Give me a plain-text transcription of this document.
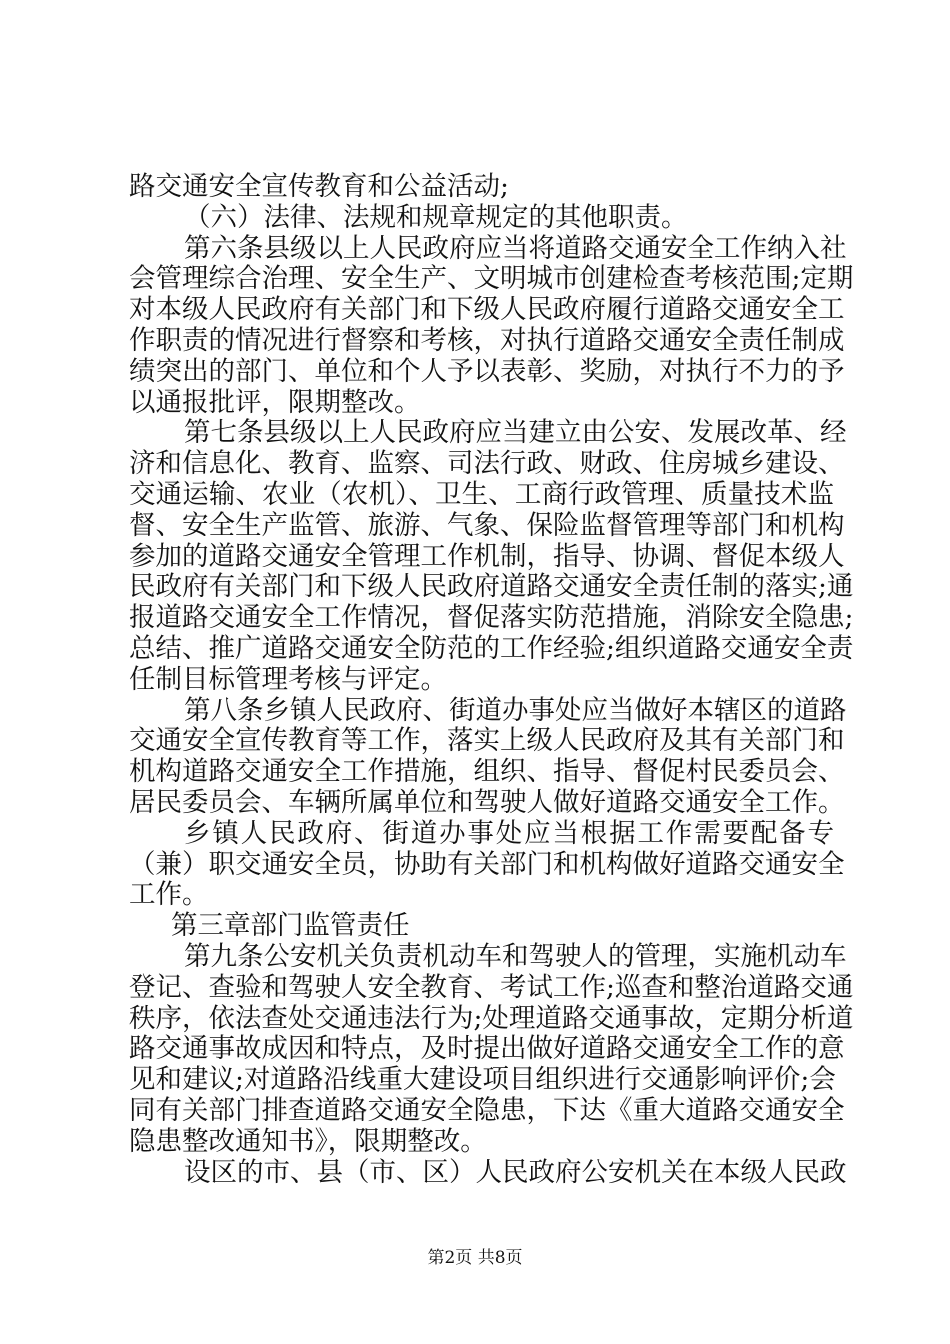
路交通安全宣传教育和公益活动;
（六）法律、法规和规章规定的其他职责。
第六条县级以上人民政府应当将道路交通安全工作纳入社
会管理综合治理、安全生产、文明城市创建检查考核范围;定期
对本级人民政府有关部门和下级人民政府履行道路交通安全工
作职责的情况进行督察和考核，对执行道路交通安全责任制成
绩突出的部门、单位和个人予以表彰、奖励，对执行不力的予
以通报批评，限期整改。
第七条县级以上人民政府应当建立由公安、发展改革、经
济和信息化、教育、监察、司法行政、财政、住房城乡建设、
交通运输、农业（农机）、卫生、工商行政管理、质量技术监
督、安全生产监管、旅游、气象、保险监督管理等部门和机构
参加的道路交通安全管理工作机制，指导、协调、督促本级人
民政府有关部门和下级人民政府道路交通安全责任制的落实;通
报道路交通安全工作情况，督促落实防范措施，消除安全隐患;
总结、推广道路交通安全防范的工作经验;组织道路交通安全责
任制目标管理考核与评定。
第八条乡镇人民政府、街道办事处应当做好本辖区的道路
交通安全宣传教育等工作，落实上级人民政府及其有关部门和
机构道路交通安全工作措施，组织、指导、督促村民委员会、
居民委员会、车辆所属单位和驾驶人做好道路交通安全工作。
乡镇人民政府、街道办事处应当根据工作需要配备专
（兼）职交通安全员，协助有关部门和机构做好道路交通安全
工作。
第三章部门监管责任
第九条公安机关负责机动车和驾驶人的管理，实施机动车
登记、查验和驾驶人安全教育、考试工作;巡查和整治道路交通
秩序，依法查处交通违法行为;处理道路交通事故，定期分析道
路交通事故成因和特点，及时提出做好道路交通安全工作的意
见和建议;对道路沿线重大建设项目组织进行交通影响评价;会
同有关部门排查道路交通安全隐患，下达《重大道路交通安全
隐患整改通知书》，限期整改。
设区的市、县（市、区）人民政府公安机关在本级人民政
第2页 共8页
